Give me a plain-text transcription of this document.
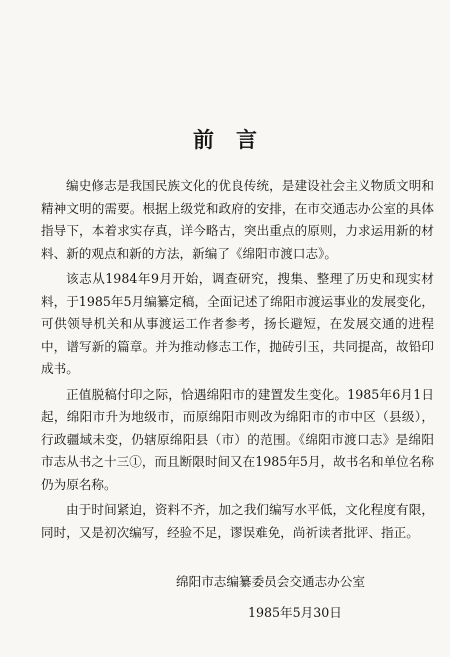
前言

编史修志是我国民族文化的优良传统，是建设社会主义物质文明和精神文明的需要。根据上级党和政府的安排，在市交通志办公室的具体指导下，本着求实存真，详今略古，突出重点的原则，力求运用新的材料、新的观点和新的方法，新编了《绵阳市渡口志》。

该志从1984年9月开始，调查研究，搜集、整理了历史和现实材料，于1985年5月编纂定稿，全面记述了绵阳市渡运事业的发展变化，可供领导机关和从事渡运工作者参考，扬长避短，在发展交通的进程中，谱写新的篇章。并为推动修志工作，抛砖引玉，共同提高，故铅印成书。

正值脱稿付印之际，恰遇绵阳市的建置发生变化。1985年6月1日起，绵阳市升为地级市，而原绵阳市则改为绵阳市的市中区（县级），行政疆域未变，仍辖原绵阳县（市）的范围。《绵阳市渡口志》是绵阳市志从书之十三①，而且断限时间又在1985年5月，故书名和单位名称仍为原名称。

由于时间紧迫，资料不齐，加之我们编写水平低，文化程度有限，同时，又是初次编写，经验不足，谬误难免，尚祈读者批评、指正。

绵阳市志编纂委员会交通志办公室
1985年5月30日
